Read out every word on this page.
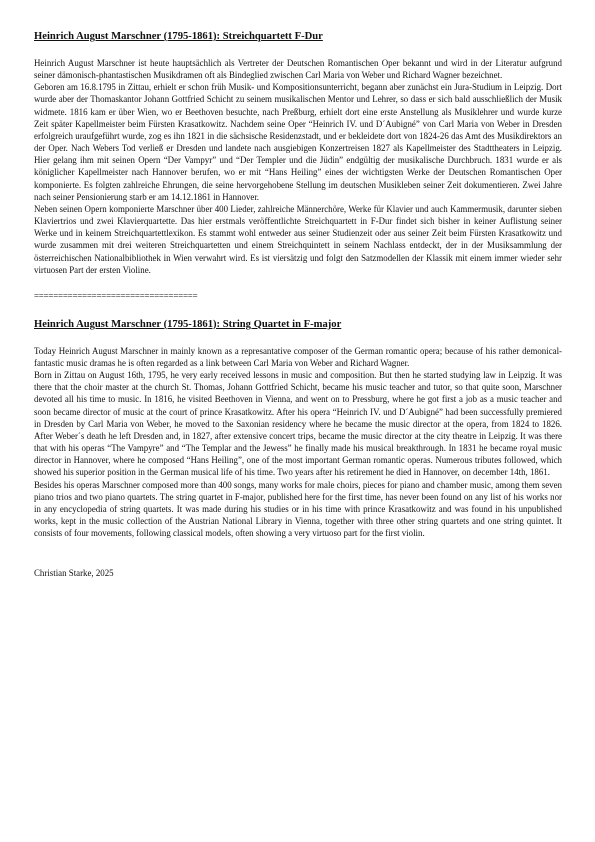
Heinrich August Marschner (1795-1861): Streichquartett F-Dur

Heinrich August Marschner ist heute hauptsächlich als Vertreter der Deutschen Romantischen Oper bekannt und wird in der Literatur aufgrund seiner dämonisch-phantastischen Musikdramen oft als Bindeglied zwischen Carl Maria von Weber und Richard Wagner bezeichnet.

Geboren am 16.8.1795 in Zittau, erhielt er schon früh Musik- und Kompositionsunterricht, begann aber zunächst ein Jura-Studium in Leipzig. Dort wurde aber der Thomaskantor Johann Gottfried Schicht zu seinem musikalischen Mentor und Lehrer, so dass er sich bald ausschließlich der Musik widmete. 1816 kam er über Wien, wo er Beethoven besuchte, nach Preßburg, erhielt dort eine erste Anstellung als Musiklehrer und wurde kurze Zeit später Kapellmeister beim Fürsten Krasatkowitz. Nachdem seine Oper “Heinrich IV. und D´Aubigné” von Carl Maria von Weber in Dresden erfolgreich uraufgeführt wurde, zog es ihn 1821 in die sächsische Residenzstadt, und er bekleidete dort von 1824-26 das Amt des Musikdirektors an der Oper. Nach Webers Tod verließ er Dresden und landete nach ausgiebigen Konzertreisen 1827 als Kapellmeister des Stadttheaters in Leipzig. Hier gelang ihm mit seinen Opern “Der Vampyr” und “Der Templer und die Jüdin” endgültig der musikalische Durchbruch. 1831 wurde er als königlicher Kapellmeister nach Hannover berufen, wo er mit “Hans Heiling” eines der wichtigsten Werke der Deutschen Romantischen Oper komponierte. Es folgten zahlreiche Ehrungen, die seine hervorgehobene Stellung im deutschen Musikleben seiner Zeit dokumentieren. Zwei Jahre nach seiner Pensionierung starb er am 14.12.1861 in Hannover.

Neben seinen Opern komponierte Marschner über 400 Lieder, zahlreiche Männerchöre, Werke für Klavier und auch Kammermusik, darunter sieben Klaviertrios und zwei Klavierquartette. Das hier erstmals veröffentlichte Streichquartett in F-Dur findet sich bisher in keiner Auflistung seiner Werke und in keinem Streichquartettlexikon. Es stammt wohl entweder aus seiner Studienzeit oder aus seiner Zeit beim Fürsten Krasatkowitz und wurde zusammen mit drei weiteren Streichquartetten und einem Streichquintett in seinem Nachlass entdeckt, der in der Musiksammlung der österreichischen Nationalbibliothek in Wien verwahrt wird. Es ist viersätzig und folgt den Satzmodellen der Klassik mit einem immer wieder sehr virtuosen Part der ersten Violine.

==================================
Heinrich August Marschner (1795-1861): String Quartet in F-major

Today Heinrich August Marschner in mainly known as a represantative composer of the German romantic opera; because of his rather demonical-fantastic music dramas he is often regarded as a link between Carl Maria von Weber and Richard Wagner.

Born in Zittau on August 16th, 1795, he very early received lessons in music and composition. But then he started studying law in Leipzig. It was there that the choir master at the church St. Thomas, Johann Gottfried Schicht, became his music teacher and tutor, so that quite soon, Marschner devoted all his time to music. In 1816, he visited Beethoven in Vienna, and went on to Pressburg, where he got first a job as a music teacher and soon became director of music at the court of prince Krasatkowitz. After his opera “Heinrich IV. und D´Aubigné” had been successfully premiered in Dresden by Carl Maria von Weber, he moved to the Saxonian residency where he became the music director at the opera, from 1824 to 1826. After Weber´s death he left Dresden and, in 1827, after extensive concert trips, became the music director at the city theatre in Leipzig. It was there that with his operas “The Vampyre” and “The Templar and the Jewess” he finally made his musical breakthrough. In 1831 he became royal music director in Hannover, where he composed “Hans Heiling”, one of the most important German romantic operas. Numerous tributes followed, which showed his superior position in the German musical life of his time. Two years after his retirement he died in Hannover, on december 14th, 1861.

Besides his operas Marschner composed more than 400 songs, many works for male choirs, pieces for piano and chamber music, among them seven piano trios and two piano quartets. The string quartet in F-major, published here for the first time, has never been found on any list of his works nor in any encyclopedia of string quartets. It was made during his studies or in his time with prince Krasatkowitz and was found in his unpublished works, kept in the music collection of the Austrian National Library in Vienna, together with three other string quartets and one string quintet. It consists of four movements, following classical models, often showing a very virtuoso part for the first violin.

Christian Starke, 2025
